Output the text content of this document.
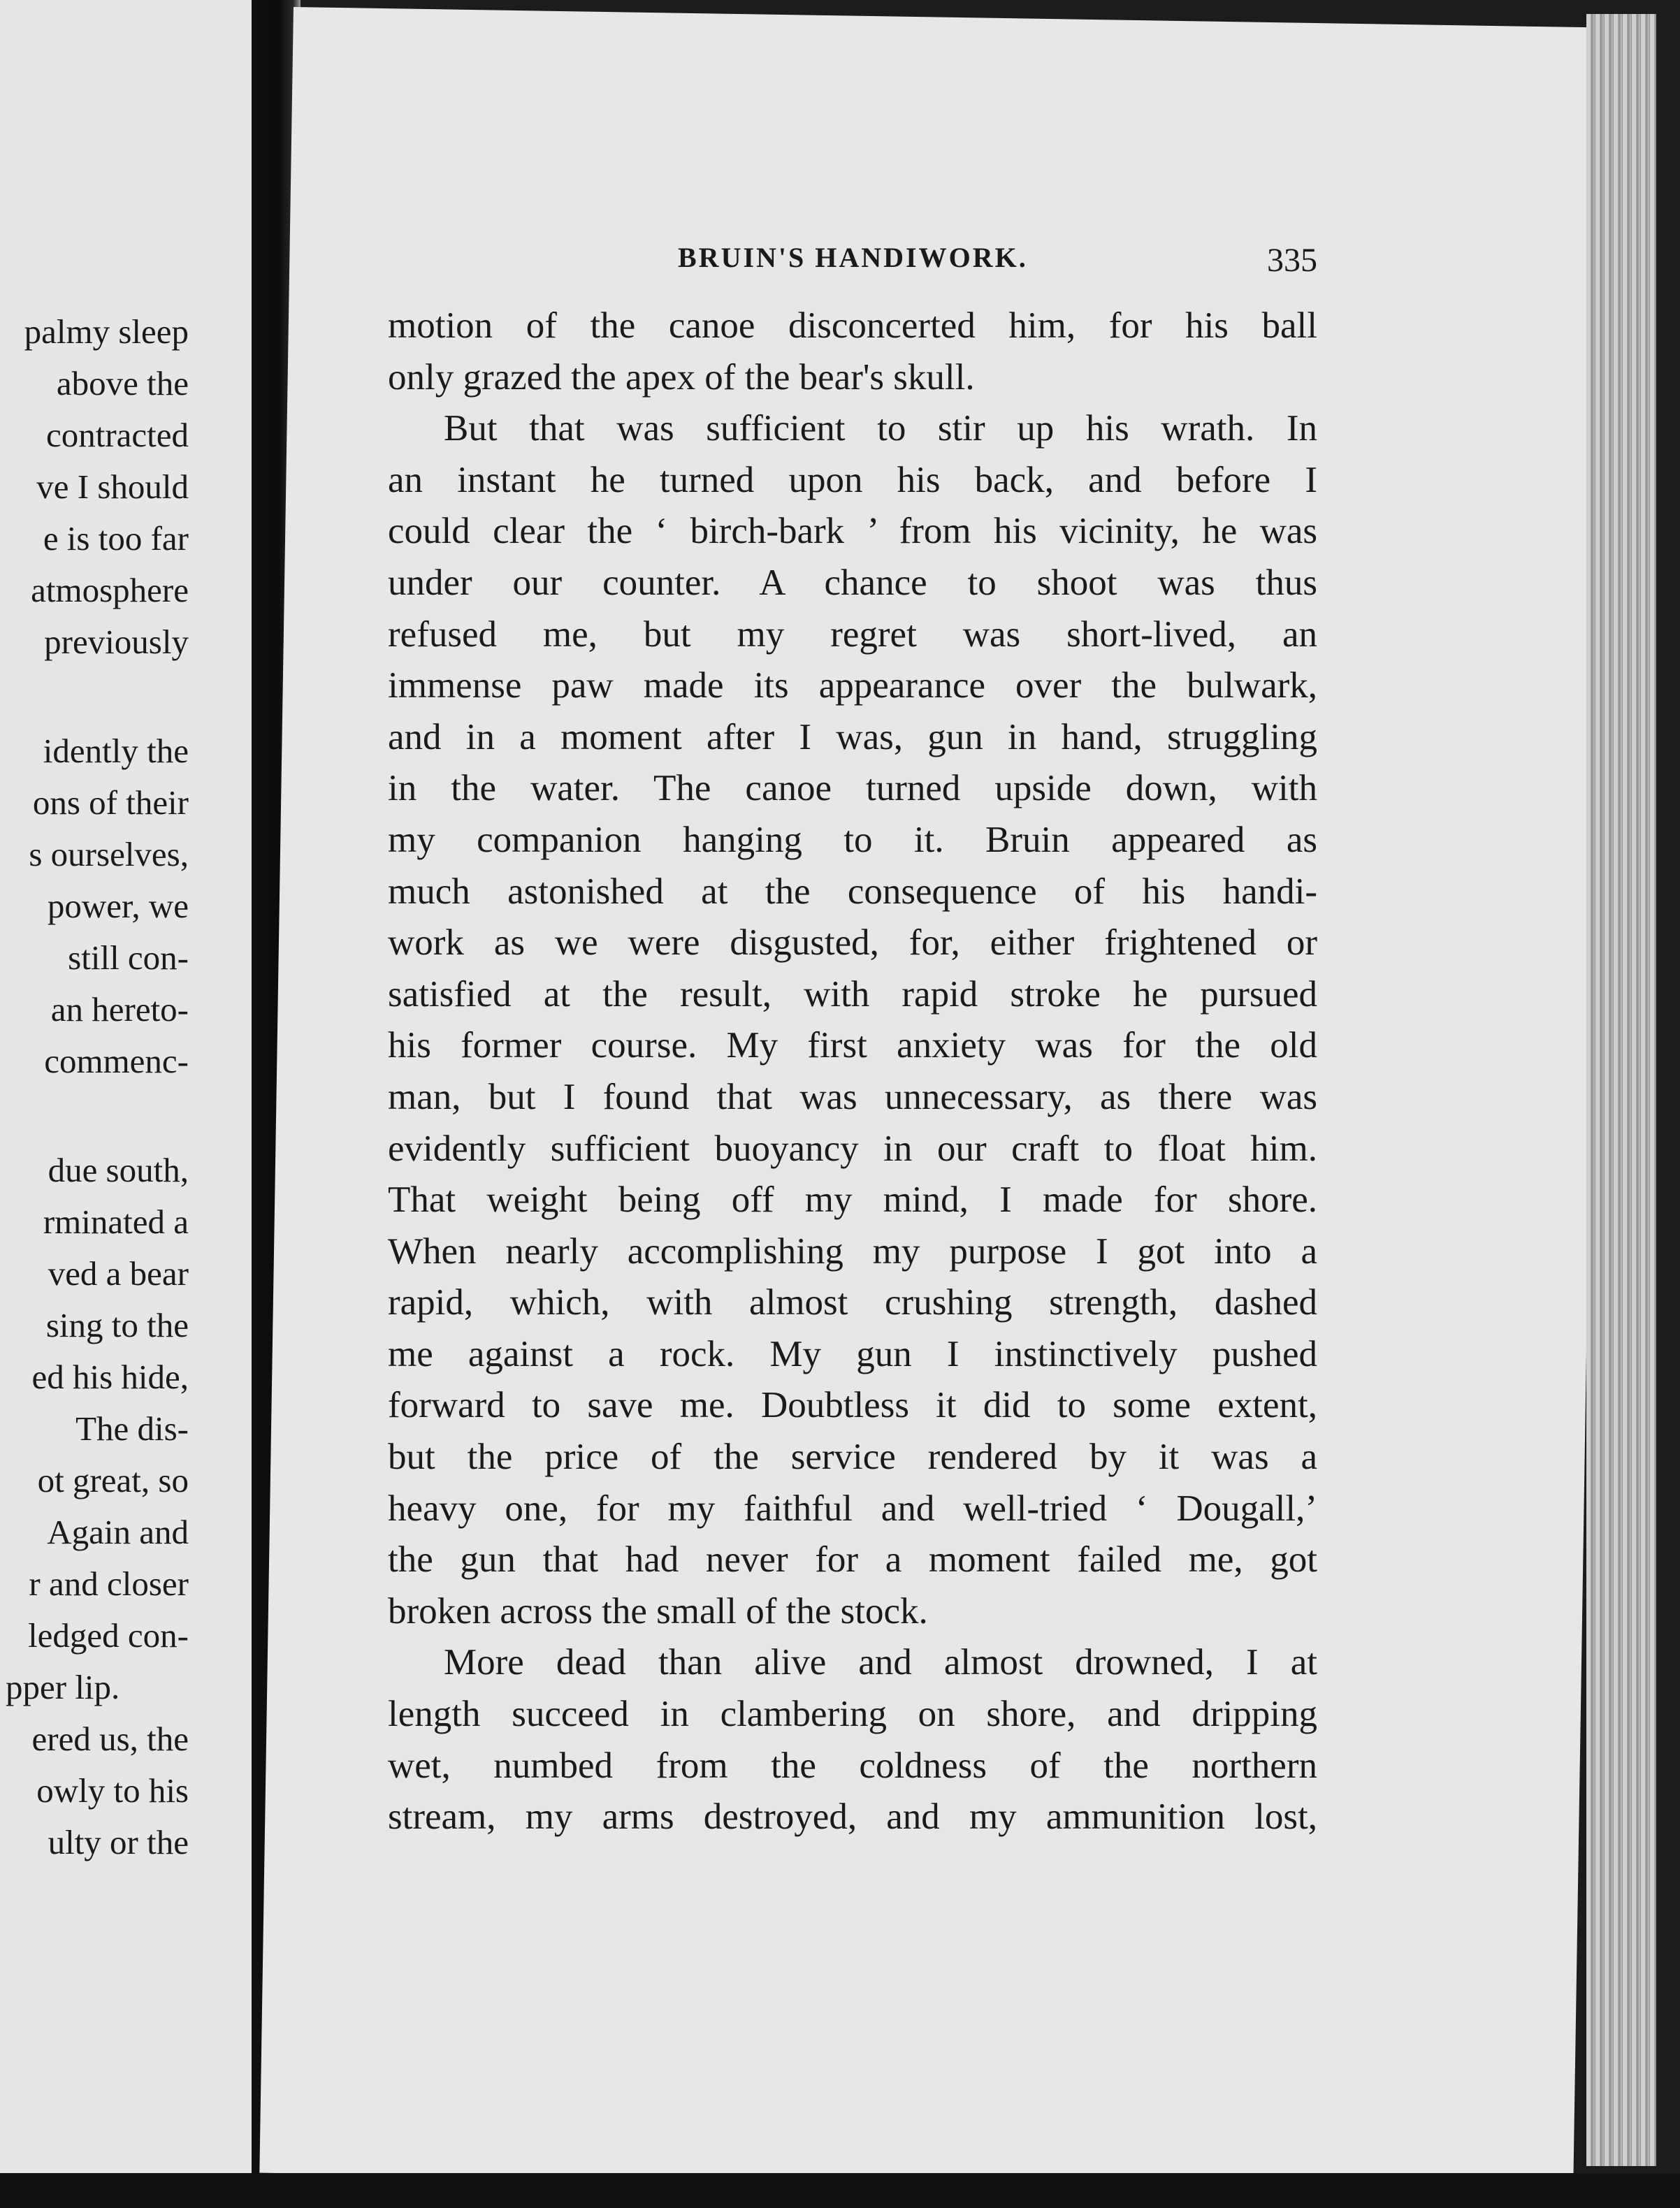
palmy sleep
above the
contracted
ve I should
e is too far
atmosphere
previously
idently the
ons of their
s ourselves,
power, we
still con-
an hereto-
commenc-
due south,
rminated a
ved a bear
sing to the
ed his hide,
The dis-
ot great, so
Again and
r and closer
ledged con-
pper lip.
ered us, the
owly to his
ulty or the
BRUIN'S HANDIWORK.	335
motion of the canoe disconcerted him, for his ball
only grazed the apex of the bear's skull.
But that was sufficient to stir up his wrath. In
an instant he turned upon his back, and before I
could clear the ‘ birch-bark ’ from his vicinity, he was
under our counter. A chance to shoot was thus
refused me, but my regret was short-lived, an
immense paw made its appearance over the bulwark,
and in a moment after I was, gun in hand, struggling
in the water. The canoe turned upside down, with
my companion hanging to it. Bruin appeared as
much astonished at the consequence of his handi-
work as we were disgusted, for, either frightened or
satisfied at the result, with rapid stroke he pursued
his former course. My first anxiety was for the old
man, but I found that was unnecessary, as there was
evidently sufficient buoyancy in our craft to float him.
That weight being off my mind, I made for shore.
When nearly accomplishing my purpose I got into a
rapid, which, with almost crushing strength, dashed
me against a rock. My gun I instinctively pushed
forward to save me. Doubtless it did to some extent,
but the price of the service rendered by it was a
heavy one, for my faithful and well-tried ‘ Dougall,’
the gun that had never for a moment failed me, got
broken across the small of the stock.
More dead than alive and almost drowned, I at
length succeed in clambering on shore, and dripping
wet, numbed from the coldness of the northern
stream, my arms destroyed, and my ammunition lost,
